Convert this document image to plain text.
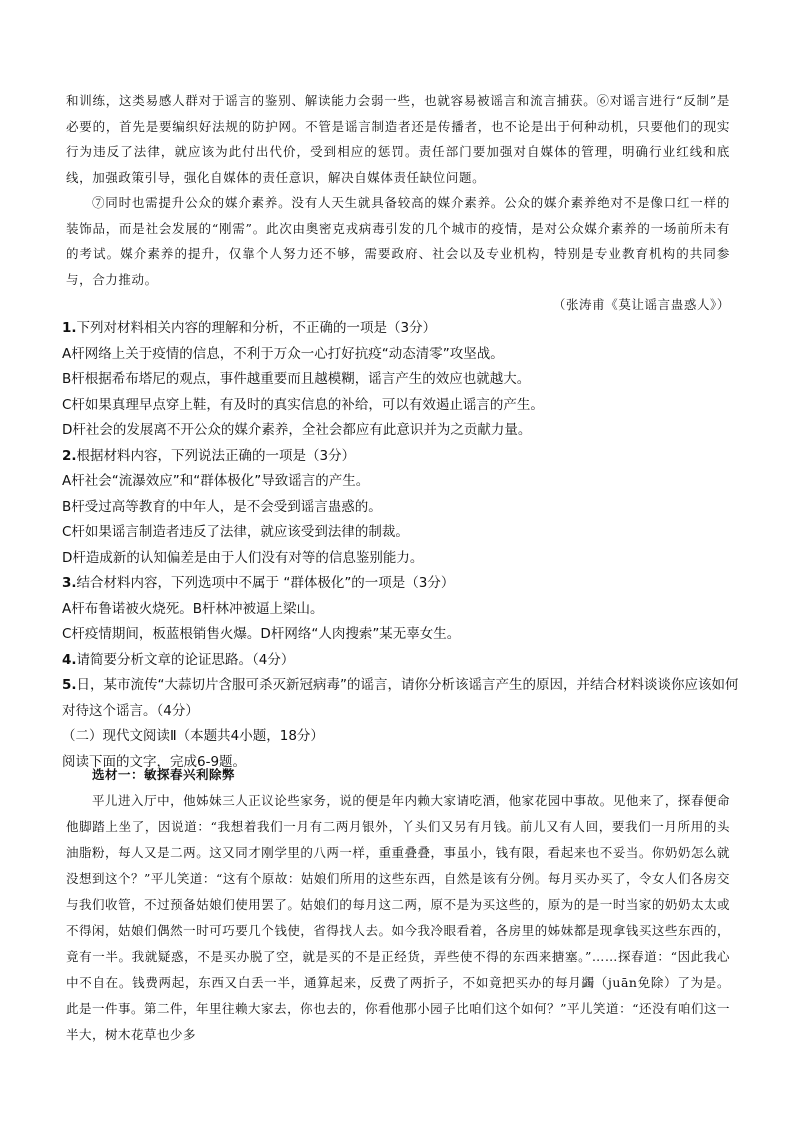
和训练，这类易感人群对于谣言的鉴别、解读能力会弱一些，也就容易被谣言和流言捕获。⑥对谣言进行“反制”是必要的，首先是要编织好法规的防护网。不管是谣言制造者还是传播者，也不论是出于何种动机，只要他们的现实行为违反了法律，就应该为此付出代价，受到相应的惩罚。责任部门要加强对自媒体的管理，明确行业红线和底线，加强政策引导，强化自媒体的责任意识，解决自媒体责任缺位问题。

⑦同时也需提升公众的媒介素养。没有人天生就具备较高的媒介素养。公众的媒介素养绝对不是像口红一样的装饰品，而是社会发展的“刚需”。此次由奥密克戎病毒引发的几个城市的疫情，是对公众媒介素养的一场前所未有的考试。媒介素养的提升，仅靠个人努力还不够，需要政府、社会以及专业机构，特别是专业教育机构的共同参与，合力推动。

（张涛甫《莫让谣言蛊惑人》）

1.下列对材料相关内容的理解和分析，不正确的一项是（3分）

A杆网络上关于疫情的信息，不利于万众一心打好抗疫“动态清零”攻坚战。

B杆根据希布塔尼的观点，事件越重要而且越模糊，谣言产生的效应也就越大。

C杆如果真理早点穿上鞋，有及时的真实信息的补给，可以有效遏止谣言的产生。

D杆社会的发展离不开公众的媒介素养，全社会都应有此意识并为之贡献力量。

2.根据材料内容，下列说法正确的一项是（3分）

A杆社会“流瀑效应”和“群体极化”导致谣言的产生。

B杆受过高等教育的中年人，是不会受到谣言蛊惑的。

C杆如果谣言制造者违反了法律，就应该受到法律的制裁。

D杆造成新的认知偏差是由于人们没有对等的信息鉴别能力。

3.结合材料内容，下列选项中不属于 “群体极化”的一项是（3分）

A杆布鲁诺被火烧死。B杆林冲被逼上梁山。

C杆疫情期间，板蓝根销售火爆。D杆网络“人肉搜索”某无辜女生。

4.请简要分析文章的论证思路。（4分）

5.日，某市流传“大蒜切片含服可杀灭新冠病毒”的谣言，请你分析该谣言产生的原因，并结合材料谈谈你应该如何对待这个谣言。（4分）

（二）现代文阅读Ⅱ（本题共4小题，18分）

阅读下面的文字，完成6-9题。

选材一：敏探春兴利除弊

平儿进入厅中，他姊妹三人正议论些家务，说的便是年内赖大家请吃酒，他家花园中事故。见他来了，探春便命他脚踏上坐了，因说道：“我想着我们一月有二两月银外，丫头们又另有月钱。前儿又有人回，要我们一月所用的头油脂粉，每人又是二两。这又同才刚学里的八两一样，重重叠叠，事虽小，钱有限，看起来也不妥当。你奶奶怎么就没想到这个？”平儿笑道：“这有个原故：姑娘们所用的这些东西，自然是该有分例。每月买办买了，令女人们各房交与我们收管，不过预备姑娘们使用罢了。姑娘们的每月这二两，原不是为买这些的，原为的是一时当家的奶奶太太或不得闲，姑娘们偶然一时可巧要几个钱使，省得找人去。如今我冷眼看着，各房里的姊妹都是现拿钱买这些东西的，竟有一半。我就疑惑，不是买办脱了空，就是买的不是正经货，弄些使不得的东西来搪塞。”……探春道：“因此我心中不自在。钱费两起，东西又白丢一半，通算起来，反费了两折子，不如竟把买办的每月蠲（juān免除）了为是。此是一件事。第二件，年里往赖大家去，你也去的，你看他那小园子比咱们这个如何？”平儿笑道：“还没有咱们这一半大，树木花草也少多
